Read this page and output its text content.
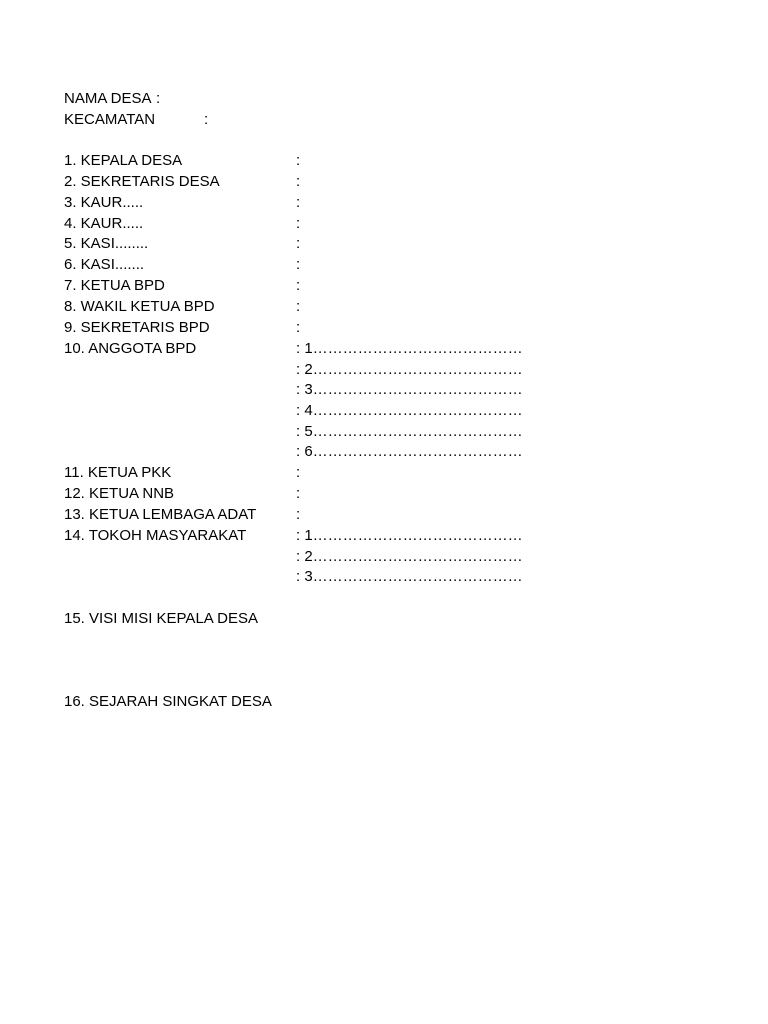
NAMA DESA :
KECAMATAN	:
1. KEPALA DESA	:
2. SEKRETARIS DESA	:
3. KAUR.....	:
4. KAUR.....	:
5. KASI........	:
6. KASI.......	:
7. KETUA BPD	:
8. WAKIL KETUA BPD	:
9. SEKRETARIS BPD	:
10. ANGGOTA BPD	: 1……………………………………
: 2……………………………………
: 3……………………………………
: 4……………………………………
: 5……………………………………
: 6……………………………………
11. KETUA PKK	:
12. KETUA NNB	:
13. KETUA LEMBAGA ADAT	:
14. TOKOH MASYARAKAT	: 1……………………………………
: 2……………………………………
: 3……………………………………
15. VISI MISI KEPALA DESA
16. SEJARAH SINGKAT DESA
